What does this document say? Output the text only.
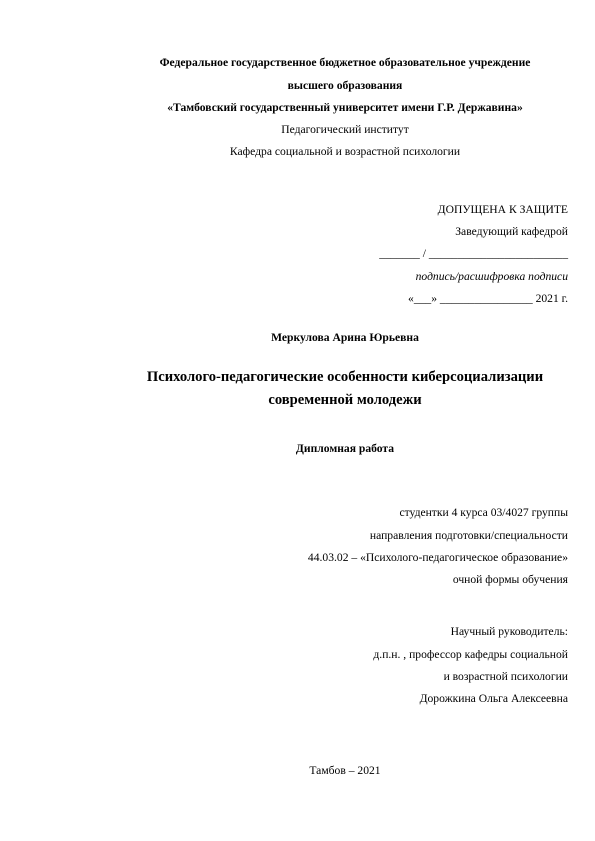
Федеральное государственное бюджетное образовательное учреждение
высшего образования
«Тамбовский государственный университет имени Г.Р. Державина»
Педагогический институт
Кафедра социальной и возрастной психологии
ДОПУЩЕНА К ЗАЩИТЕ
Заведующий кафедрой
_______ / ________________________
подпись/расшифровка подписи
«___» ________________ 2021 г.
Меркулова Арина Юрьевна
Психолого-педагогические особенности киберсоциализации
современной молодежи
Дипломная работа
студентки 4 курса 03/4027 группы
направления подготовки/специальности
44.03.02 – «Психолого-педагогическое образование»
очной формы обучения
Научный руководитель:
д.п.н. , профессор кафедры социальной
и возрастной психологии
Дорожкина Ольга Алексеевна
Тамбов – 2021
